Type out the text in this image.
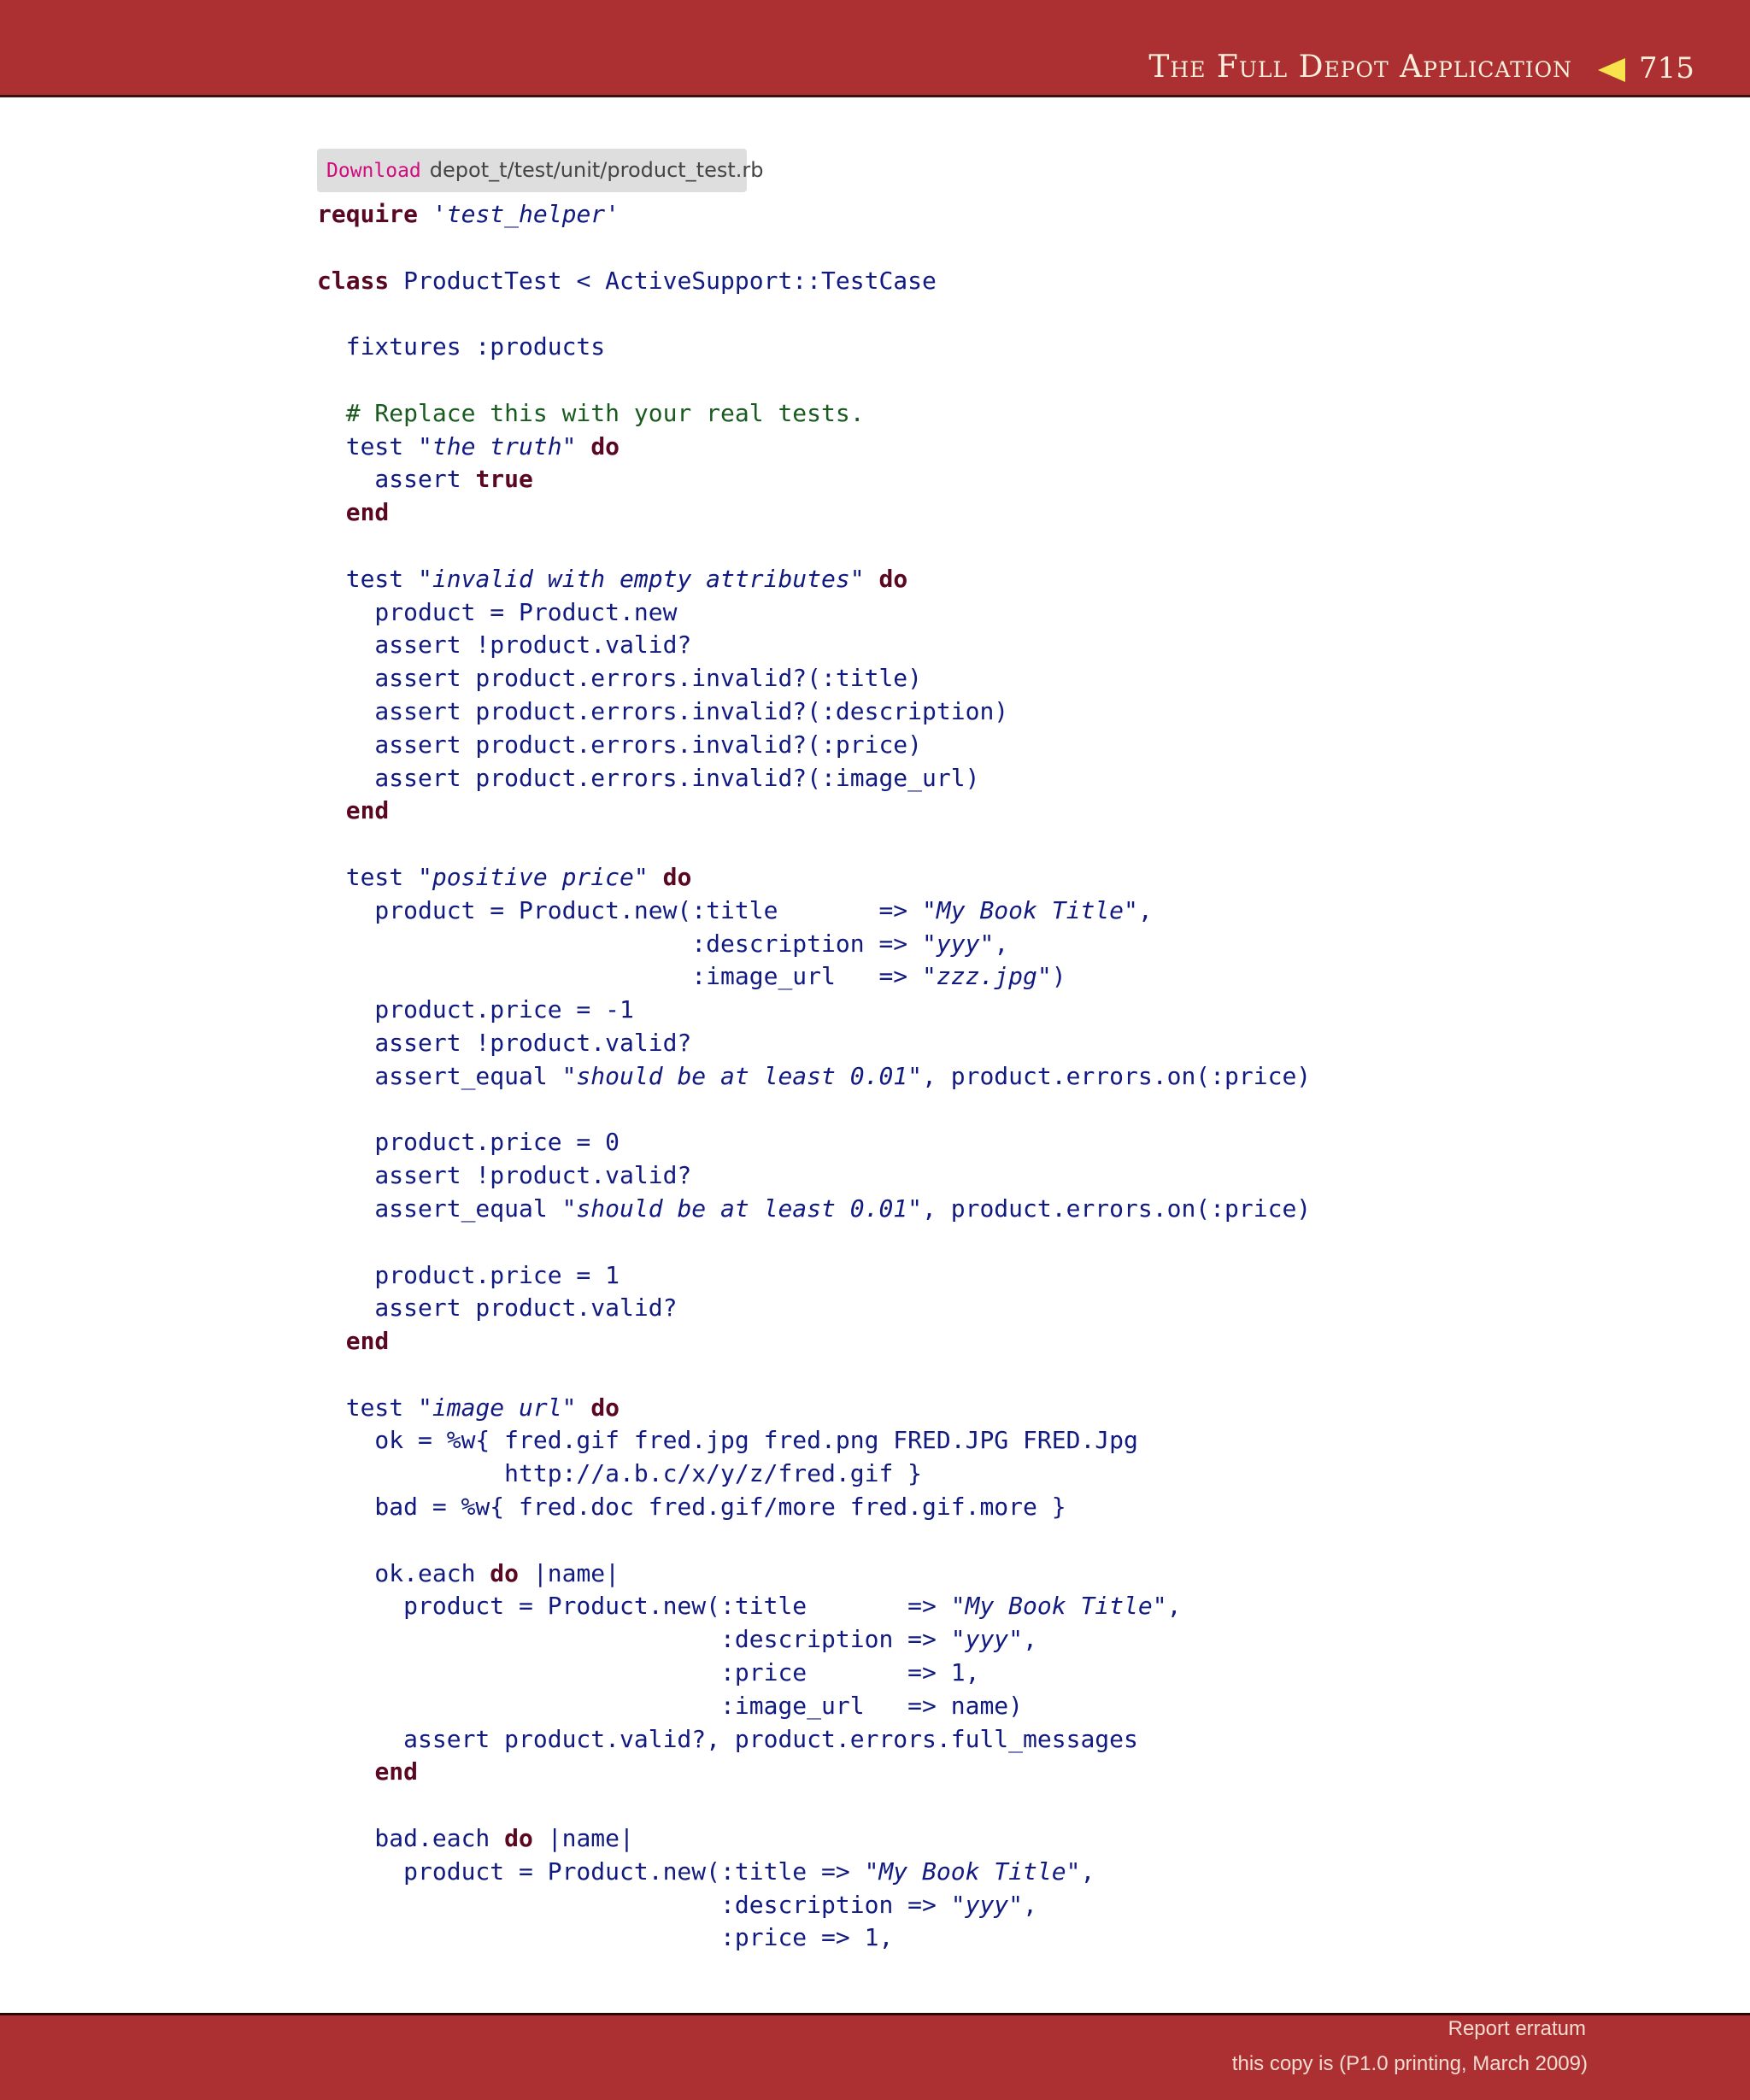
The Full Depot Application 715
Download depot_t/test/unit/product_test.rb
require 'test_helper'
class ProductTest < ActiveSupport::TestCase
fixtures :products
# Replace this with your real tests.
test "the truth" do
assert true
end
test "invalid with empty attributes" do
product = Product.new
assert !product.valid?
assert product.errors.invalid?(:title)
assert product.errors.invalid?(:description)
assert product.errors.invalid?(:price)
assert product.errors.invalid?(:image_url)
end
test "positive price" do
product = Product.new(:title       => "My Book Title",
:description => "yyy",
:image_url   => "zzz.jpg")
product.price = -1
assert !product.valid?
assert_equal "should be at least 0.01", product.errors.on(:price)
product.price = 0
assert !product.valid?
assert_equal "should be at least 0.01", product.errors.on(:price)
product.price = 1
assert product.valid?
end
test "image url" do
ok = %w{ fred.gif fred.jpg fred.png FRED.JPG FRED.Jpg
http://a.b.c/x/y/z/fred.gif }
bad = %w{ fred.doc fred.gif/more fred.gif.more }
ok.each do |name|
product = Product.new(:title       => "My Book Title",
:description => "yyy",
:price       => 1,
:image_url   => name)
assert product.valid?, product.errors.full_messages
end
bad.each do |name|
product = Product.new(:title => "My Book Title",
:description => "yyy",
:price => 1,
Report erratum
this copy is (P1.0 printing, March 2009)
